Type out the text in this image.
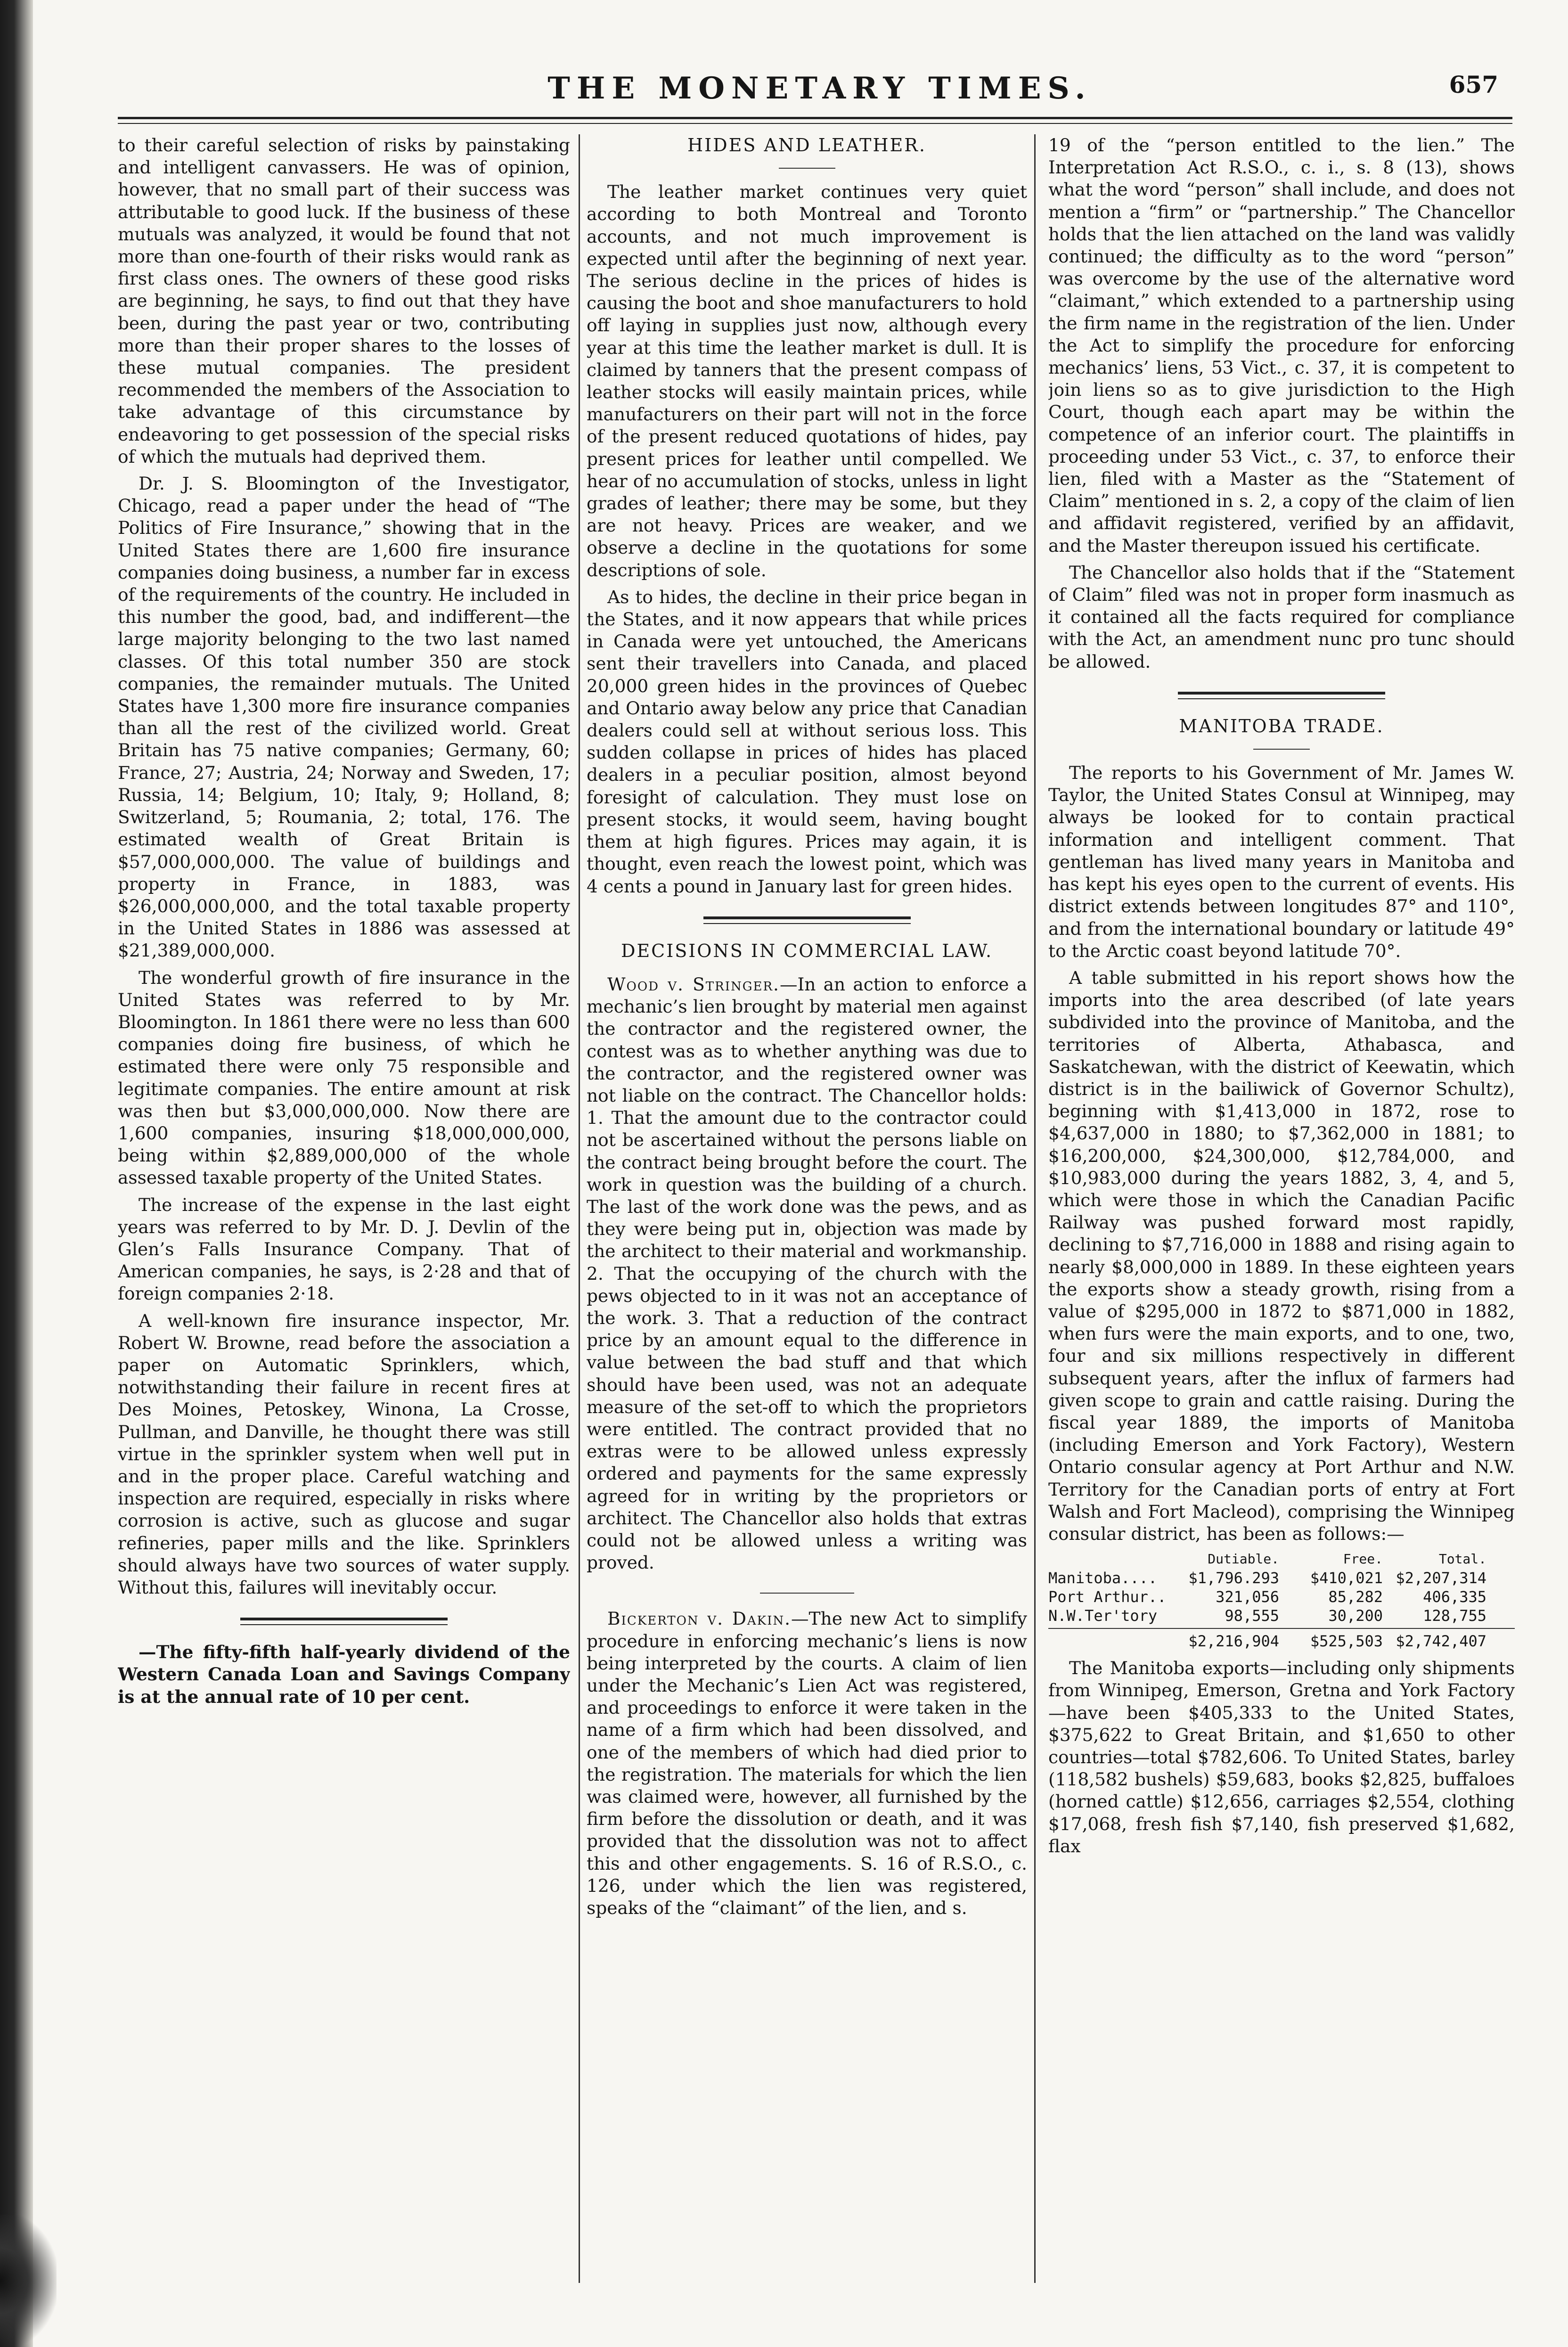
THE MONETARY TIMES.	657

to their careful selection of risks by painstaking and intelligent canvassers. He was of opinion, however, that no small part of their success was attributable to good luck. If the business of these mutuals was analyzed, it would be found that not more than one-fourth of their risks would rank as first class ones. The owners of these good risks are beginning, he says, to find out that they have been, during the past year or two, contributing more than their proper shares to the losses of these mutual companies. The president recommended the members of the Association to take advantage of this circumstance by endeavoring to get possession of the special risks of which the mutuals had deprived them.

Dr. J. S. Bloomington of the Investigator, Chicago, read a paper under the head of “The Politics of Fire Insurance,” showing that in the United States there are 1,600 fire insurance companies doing business, a number far in excess of the requirements of the country. He included in this number the good, bad, and indifferent—the large majority belonging to the two last named classes. Of this total number 350 are stock companies, the remainder mutuals. The United States have 1,300 more fire insurance companies than all the rest of the civilized world. Great Britain has 75 native companies; Germany, 60; France, 27; Austria, 24; Norway and Sweden, 17; Russia, 14; Belgium, 10; Italy, 9; Holland, 8; Switzerland, 5; Roumania, 2; total, 176. The estimated wealth of Great Britain is $57,000,000,000. The value of buildings and property in France, in 1883, was $26,000,000,000, and the total taxable property in the United States in 1886 was assessed at $21,389,000,000.

The wonderful growth of fire insurance in the United States was referred to by Mr. Bloomington. In 1861 there were no less than 600 companies doing fire business, of which he estimated there were only 75 responsible and legitimate companies. The entire amount at risk was then but $3,000,000,000. Now there are 1,600 companies, insuring $18,000,000,000, being within $2,889,000,000 of the whole assessed taxable property of the United States.

The increase of the expense in the last eight years was referred to by Mr. D. J. Devlin of the Glen’s Falls Insurance Company. That of American companies, he says, is 2·28 and that of foreign companies 2·18.

A well-known fire insurance inspector, Mr. Robert W. Browne, read before the association a paper on Automatic Sprinklers, which, notwithstanding their failure in recent fires at Des Moines, Petoskey, Winona, La Crosse, Pullman, and Danville, he thought there was still virtue in the sprinkler system when well put in and in the proper place. Careful watching and inspection are required, especially in risks where corrosion is active, such as glucose and sugar refineries, paper mills and the like. Sprinklers should always have two sources of water supply. Without this, failures will inevitably occur.

—The fifty-fifth half-yearly dividend of the Western Canada Loan and Savings Company is at the annual rate of 10 per cent.

HIDES AND LEATHER.

The leather market continues very quiet according to both Montreal and Toronto accounts, and not much improvement is expected until after the beginning of next year. The serious decline in the prices of hides is causing the boot and shoe manufacturers to hold off laying in supplies just now, although every year at this time the leather market is dull. It is claimed by tanners that the present compass of leather stocks will easily maintain prices, while manufacturers on their part will not in the force of the present reduced quotations of hides, pay present prices for leather until compelled. We hear of no accumulation of stocks, unless in light grades of leather; there may be some, but they are not heavy. Prices are weaker, and we observe a decline in the quotations for some descriptions of sole.

As to hides, the decline in their price began in the States, and it now appears that while prices in Canada were yet untouched, the Americans sent their travellers into Canada, and placed 20,000 green hides in the provinces of Quebec and Ontario away below any price that Canadian dealers could sell at without serious loss. This sudden collapse in prices of hides has placed dealers in a peculiar position, almost beyond foresight of calculation. They must lose on present stocks, it would seem, having bought them at high figures. Prices may again, it is thought, even reach the lowest point, which was 4 cents a pound in January last for green hides.

DECISIONS IN COMMERCIAL LAW.

Wood v. Stringer.—In an action to enforce a mechanic’s lien brought by material men against the contractor and the registered owner, the contest was as to whether anything was due to the contractor, and the registered owner was not liable on the contract. The Chancellor holds: 1. That the amount due to the contractor could not be ascertained without the persons liable on the contract being brought before the court. The work in question was the building of a church. The last of the work done was the pews, and as they were being put in, objection was made by the architect to their material and workmanship. 2. That the occupying of the church with the pews objected to in it was not an acceptance of the work. 3. That a reduction of the contract price by an amount equal to the difference in value between the bad stuff and that which should have been used, was not an adequate measure of the set-off to which the proprietors were entitled. The contract provided that no extras were to be allowed unless expressly ordered and payments for the same expressly agreed for in writing by the proprietors or architect. The Chancellor also holds that extras could not be allowed unless a writing was proved.

Bickerton v. Dakin.—The new Act to simplify procedure in enforcing mechanic’s liens is now being interpreted by the courts. A claim of lien under the Mechanic’s Lien Act was registered, and proceedings to enforce it were taken in the name of a firm which had been dissolved, and one of the members of which had died prior to the registration. The materials for which the lien was claimed were, however, all furnished by the firm before the dissolution or death, and it was provided that the dissolution was not to affect this and other engagements. S. 16 of R.S.O., c. 126, under which the lien was registered, speaks of the “claimant” of the lien, and s.

19 of the “person entitled to the lien.” The Interpretation Act R.S.O., c. i., s. 8 (13), shows what the word “person” shall include, and does not mention a “firm” or “partnership.” The Chancellor holds that the lien attached on the land was validly continued; the difficulty as to the word “person” was overcome by the use of the alternative word “claimant,” which extended to a partnership using the firm name in the registration of the lien. Under the Act to simplify the procedure for enforcing mechanics’ liens, 53 Vict., c. 37, it is competent to join liens so as to give jurisdiction to the High Court, though each apart may be within the competence of an inferior court. The plaintiffs in proceeding under 53 Vict., c. 37, to enforce their lien, filed with a Master as the “Statement of Claim” mentioned in s. 2, a copy of the claim of lien and affidavit registered, verified by an affidavit, and the Master thereupon issued his certificate.

The Chancellor also holds that if the “Statement of Claim” filed was not in proper form inasmuch as it contained all the facts required for compliance with the Act, an amendment nunc pro tunc should be allowed.

MANITOBA TRADE.

The reports to his Government of Mr. James W. Taylor, the United States Consul at Winnipeg, may always be looked for to contain practical information and intelligent comment. That gentleman has lived many years in Manitoba and has kept his eyes open to the current of events. His district extends between longitudes 87° and 110°, and from the international boundary or latitude 49° to the Arctic coast beyond latitude 70°.

A table submitted in his report shows how the imports into the area described (of late years subdivided into the province of Manitoba, and the territories of Alberta, Athabasca, and Saskatchewan, with the district of Keewatin, which district is in the bailiwick of Governor Schultz), beginning with $1,413,000 in 1872, rose to $4,637,000 in 1880; to $7,362,000 in 1881; to $16,200,000, $24,300,000, $12,784,000, and $10,983,000 during the years 1882, 3, 4, and 5, which were those in which the Canadian Pacific Railway was pushed forward most rapidly, declining to $7,716,000 in 1888 and rising again to nearly $8,000,000 in 1889. In these eighteen years the exports show a steady growth, rising from a value of $295,000 in 1872 to $871,000 in 1882, when furs were the main exports, and to one, two, four and six millions respectively in different subsequent years, after the influx of farmers had given scope to grain and cattle raising. During the fiscal year 1889, the imports of Manitoba (including Emerson and York Factory), Western Ontario consular agency at Port Arthur and N.W. Territory for the Canadian ports of entry at Fort Walsh and Fort Macleod), comprising the Winnipeg consular district, has been as follows:—

Dutiable.	Free.	Total.
Manitoba....	$1,796.293	$410,021 $2,207,314
Port Arthur..	321,056	85,282	406,335
N.W.Ter'tory	98,555	30,200	128,755
$2,216,904	$525,503 $2,742,407

The Manitoba exports—including only shipments from Winnipeg, Emerson, Gretna and York Factory—have been $405,333 to the United States, $375,622 to Great Britain, and $1,650 to other countries—total $782,606. To United States, barley (118,582 bushels) $59,683, books $2,825, buffaloes (horned cattle) $12,656, carriages $2,554, clothing $17,068, fresh fish $7,140, fish preserved $1,682, flax
